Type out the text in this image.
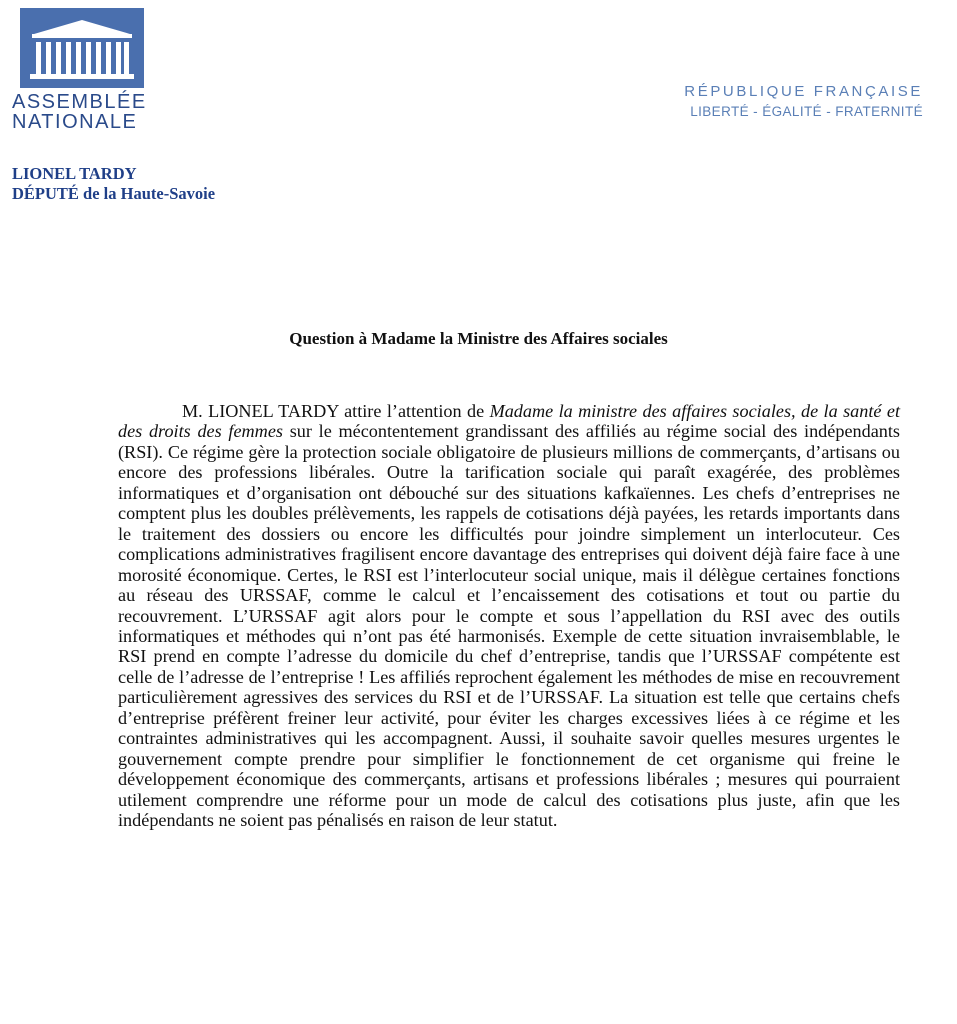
ASSEMBLÉE
NATIONALE
RÉPUBLIQUE FRANÇAISE
LIBERTÉ - ÉGALITÉ - FRATERNITÉ
LIONEL TARDY
DÉPUTÉ de la Haute-Savoie
Question à Madame la Ministre des Affaires sociales

M. LIONEL TARDY attire l’attention de Madame la ministre des affaires sociales, de la santé et des droits des femmes sur le mécontentement grandissant des affiliés au régime social des indépendants (RSI). Ce régime gère la protection sociale obligatoire de plusieurs millions de commerçants, d’artisans ou encore des professions libérales. Outre la tarification sociale qui paraît exagérée, des problèmes informatiques et d’organisation ont débouché sur des situations kafkaïennes. Les chefs d’entreprises ne comptent plus les doubles prélèvements, les rappels de cotisations déjà payées, les retards importants dans le traitement des dossiers ou encore les difficultés pour joindre simplement un interlocuteur. Ces complications administratives fragilisent encore davantage des entreprises qui doivent déjà faire face à une morosité économique. Certes, le RSI est l’interlocuteur social unique, mais il délègue certaines fonctions au réseau des URSSAF, comme le calcul et l’encaissement des cotisations et tout ou partie du recouvrement. L’URSSAF agit alors pour le compte et sous l’appellation du RSI avec des outils informatiques et méthodes qui n’ont pas été harmonisés. Exemple de cette situation invraisemblable, le RSI prend en compte l’adresse du domicile du chef d’entreprise, tandis que l’URSSAF compétente est celle de l’adresse de l’entreprise ! Les affiliés reprochent également les méthodes de mise en recouvrement particulièrement agressives des services du RSI et de l’URSSAF. La situation est telle que certains chefs d’entreprise préfèrent freiner leur activité, pour éviter les charges excessives liées à ce régime et les contraintes administratives qui les accompagnent. Aussi, il souhaite savoir quelles mesures urgentes le gouvernement compte prendre pour simplifier le fonctionnement de cet organisme qui freine le développement économique des commerçants, artisans et professions libérales ; mesures qui pourraient utilement comprendre une réforme pour un mode de calcul des cotisations plus juste, afin que les indépendants ne soient pas pénalisés en raison de leur statut.
